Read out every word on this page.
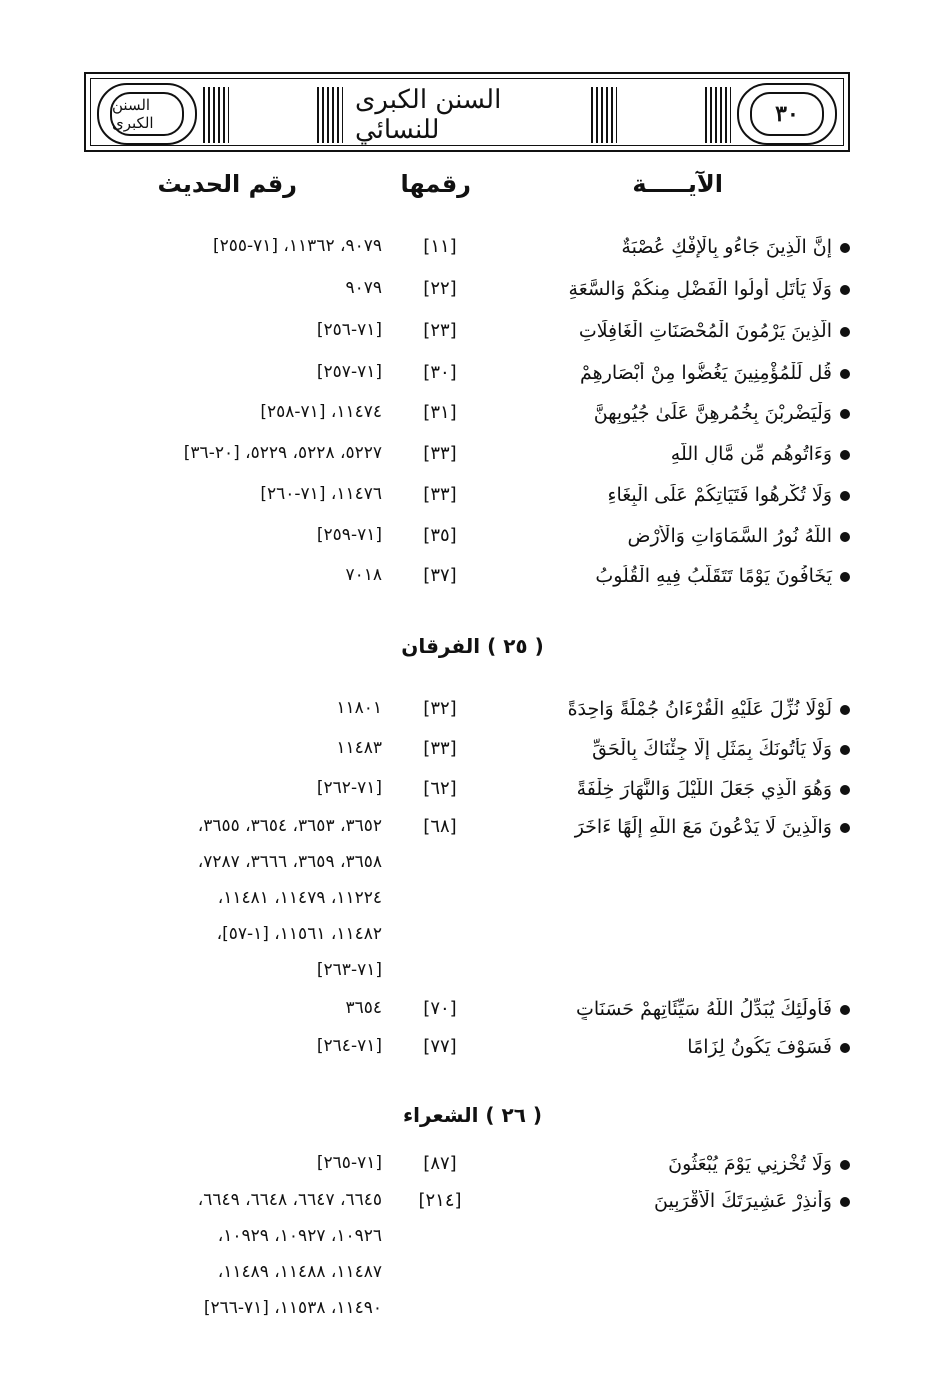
السنن الكبرى
السنن الكبرى للنسائي
٣٠
الآيـــــة
رقمها
رقم الحديث
إِنَّ الَّذِينَ جَاءُو بِالْإِفْكِ عُصْبَةٌ
[١١]
٩٠٧٩، ١١٣٦٢، [٧١-٢٥٥]
وَلَا يَأْتَلِ أُولُوا الْفَضْلِ مِنكُمْ وَالسَّعَةِ
[٢٢]
٩٠٧٩
الَّذِينَ يَرْمُونَ الْمُحْصَنَاتِ الْغَافِلَاتِ
[٢٣]
[٧١-٢٥٦]
قُل لِّلْمُؤْمِنِينَ يَغُضُّوا مِنْ أَبْصَارِهِمْ
[٣٠]
[٧١-٢٥٧]
وَلْيَضْرِبْنَ بِخُمُرِهِنَّ عَلَىٰ جُيُوبِهِنَّ
[٣١]
١١٤٧٤، [٧١-٢٥٨]
وَءَاتُوهُم مِّن مَّالِ اللَّهِ
[٣٣]
٥٢٢٧، ٥٢٢٨، ٥٢٢٩، [٢٠-٣٦]
وَلَا تُكْرِهُوا فَتَيَاتِكُمْ عَلَى الْبِغَاءِ
[٣٣]
١١٤٧٦، [٧١-٢٦٠]
اللَّهُ نُورُ السَّمَاوَاتِ وَالْأَرْضِ
[٣٥]
[٧١-٢٥٩]
يَخَافُونَ يَوْمًا تَتَقَلَّبُ فِيهِ الْقُلُوبُ
[٣٧]
٧٠١٨
( ٢٥ ) الفرقان
لَوْلَا نُزِّلَ عَلَيْهِ الْقُرْءَانُ جُمْلَةً وَاحِدَةً
[٣٢]
١١٨٠١
وَلَا يَأْتُونَكَ بِمَثَلٍ إِلَّا جِئْنَاكَ بِالْحَقِّ
[٣٣]
١١٤٨٣
وَهُوَ الَّذِي جَعَلَ اللَّيْلَ وَالنَّهَارَ خِلْفَةً
[٦٢]
[٧١-٢٦٢]
وَالَّذِينَ لَا يَدْعُونَ مَعَ اللَّهِ إِلَٰهًا ءَاخَرَ
[٦٨]
٣٦٥٢، ٣٦٥٣، ٣٦٥٤، ٣٦٥٥،
٣٦٥٨، ٣٦٥٩، ٣٦٦٦، ٧٢٨٧،
١١٢٢٤، ١١٤٧٩، ١١٤٨١،
١١٤٨٢، ١١٥٦١، [١-٥٧]،
[٧١-٢٦٣]
فَأُولَٰئِكَ يُبَدِّلُ اللَّهُ سَيِّئَاتِهِمْ حَسَنَاتٍ
[٧٠]
٣٦٥٤
فَسَوْفَ يَكُونُ لِزَامًا
[٧٧]
[٧١-٢٦٤]
( ٢٦ ) الشعراء
وَلَا تُخْزِنِي يَوْمَ يُبْعَثُونَ
[٨٧]
[٧١-٢٦٥]
وَأَنذِرْ عَشِيرَتَكَ الْأَقْرَبِينَ
[٢١٤]
٦٦٤٥، ٦٦٤٧، ٦٦٤٨، ٦٦٤٩،
١٠٩٢٦، ١٠٩٢٧، ١٠٩٢٩،
١١٤٨٧، ١١٤٨٨، ١١٤٨٩،
١١٤٩٠، ١١٥٣٨، [٧١-٢٦٦]
